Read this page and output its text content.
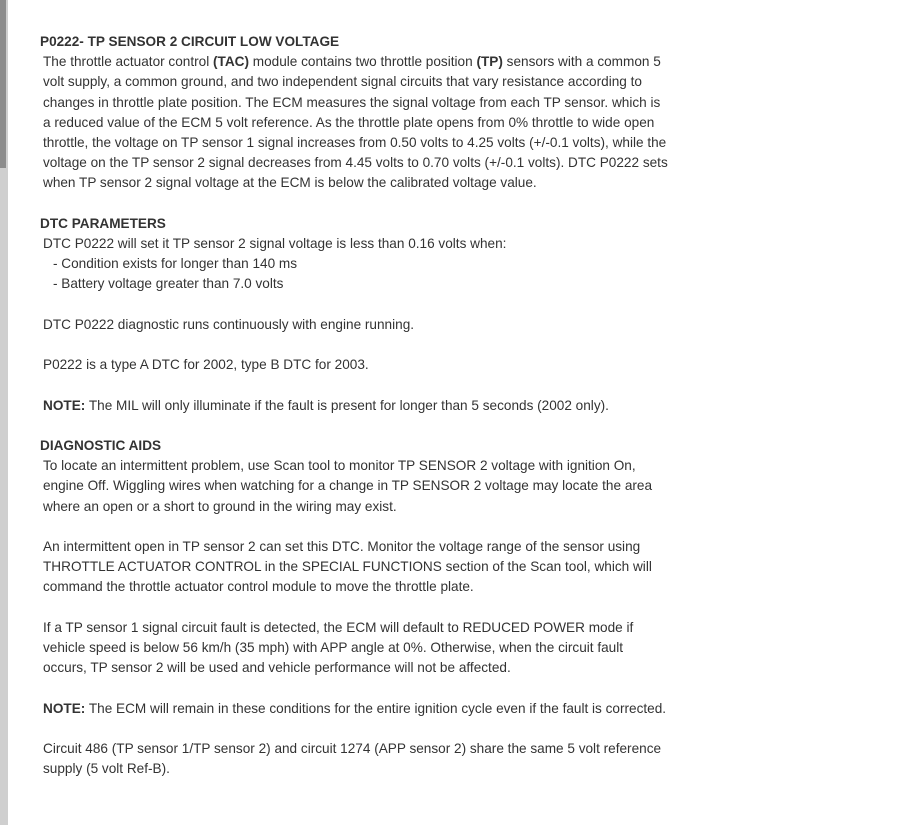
P0222- TP SENSOR 2 CIRCUIT LOW VOLTAGE

The throttle actuator control (TAC) module contains two throttle position (TP) sensors with a common 5 volt supply, a common ground, and two independent signal circuits that vary resistance according to changes in throttle plate position. The ECM measures the signal voltage from each TP sensor. which is a reduced value of the ECM 5 volt reference. As the throttle plate opens from 0% throttle to wide open throttle, the voltage on TP sensor 1 signal increases from 0.50 volts to 4.25 volts (+/-0.1 volts), while the voltage on the TP sensor 2 signal decreases from 4.45 volts to 0.70 volts (+/-0.1 volts). DTC P0222 sets when TP sensor 2 signal voltage at the ECM is below the calibrated voltage value.

DTC PARAMETERS

DTC P0222 will set it TP sensor 2 signal voltage is less than 0.16 volts when:

- Condition exists for longer than 140 ms
- Battery voltage greater than 7.0 volts

DTC P0222 diagnostic runs continuously with engine running.

P0222 is a type A DTC for 2002, type B DTC for 2003.

NOTE: The MIL will only illuminate if the fault is present for longer than 5 seconds (2002 only).

DIAGNOSTIC AIDS

To locate an intermittent problem, use Scan tool to monitor TP SENSOR 2 voltage with ignition On, engine Off. Wiggling wires when watching for a change in TP SENSOR 2 voltage may locate the area where an open or a short to ground in the wiring may exist.

An intermittent open in TP sensor 2 can set this DTC. Monitor the voltage range of the sensor using THROTTLE ACTUATOR CONTROL in the SPECIAL FUNCTIONS section of the Scan tool, which will command the throttle actuator control module to move the throttle plate.

If a TP sensor 1 signal circuit fault is detected, the ECM will default to REDUCED POWER mode if vehicle speed is below 56 km/h (35 mph) with APP angle at 0%. Otherwise, when the circuit fault occurs, TP sensor 2 will be used and vehicle performance will not be affected.

NOTE: The ECM will remain in these conditions for the entire ignition cycle even if the fault is corrected.

Circuit 486 (TP sensor 1/TP sensor 2) and circuit 1274 (APP sensor 2) share the same 5 volt reference supply (5 volt Ref-B).
